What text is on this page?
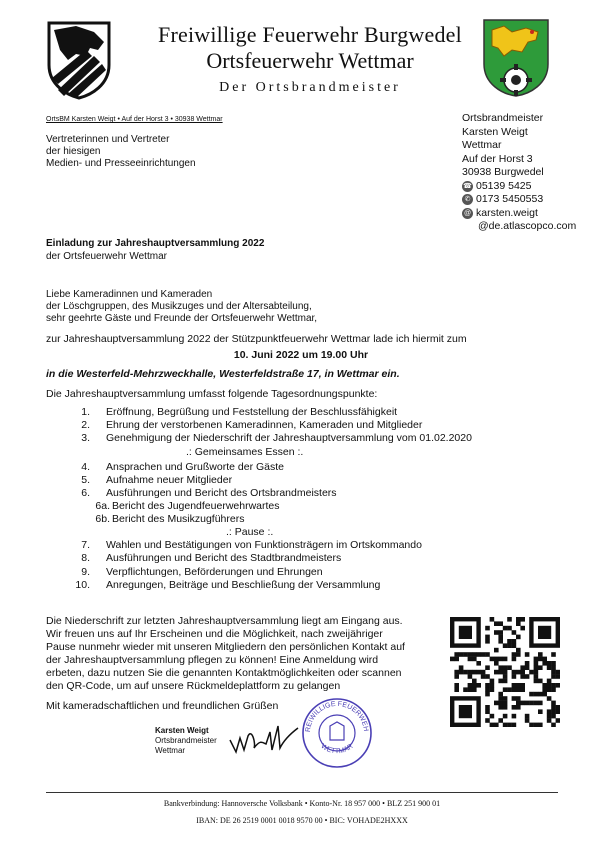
Freiwillige Feuerwehr Burgwedel
Ortsfeuerwehr Wettmar
Der Ortsbrandmeister
OrtsBM Karsten Weigt • Auf der Horst 3 • 30938 Wettmar
Vertreterinnen und Vertreter
der hiesigen
Medien- und Presseeinrichtungen
Ortsbrandmeister
Karsten Weigt
Wettmar
Auf der Horst 3
30938 Burgwedel
☎ 05139 5425
✆ 0173 5450553
@ karsten.weigt
@de.atlascopco.com
Einladung zur Jahreshauptversammlung 2022
der Ortsfeuerwehr Wettmar
Liebe Kameradinnen und Kameraden
der Löschgruppen, des Musikzuges und der Altersabteilung,
sehr geehrte Gäste und Freunde der Ortsfeuerwehr Wettmar,
zur Jahreshauptversammlung 2022 der Stützpunktfeuerwehr Wettmar lade ich hiermit zum
10. Juni 2022 um 19.00 Uhr
in die Westerfeld-Mehrzweckhalle, Westerfeldstraße 17, in Wettmar ein.
Die Jahreshauptversammlung umfasst folgende Tagesordnungspunkte:
1. Eröffnung, Begrüßung und Feststellung der Beschlussfähigkeit
2. Ehrung der verstorbenen Kameradinnen, Kameraden und Mitglieder
3. Genehmigung der Niederschrift der Jahreshauptversammlung vom 01.02.2020
.: Gemeinsames Essen :.
4. Ansprachen und Grußworte der Gäste
5. Aufnahme neuer Mitglieder
6. Ausführungen und Bericht des Ortsbrandmeisters
6a. Bericht des Jugendfeuerwehrwartes
6b. Bericht des Musikzugführers
.: Pause :.
7. Wahlen und Bestätigungen von Funktionsträgern im Ortskommando
8. Ausführungen und Bericht des Stadtbrandmeisters
9. Verpflichtungen, Beförderungen und Ehrungen
10. Anregungen, Beiträge und Beschließung der Versammlung
Die Niederschrift zur letzten Jahreshauptversammlung liegt am Eingang aus.
Wir freuen uns auf Ihr Erscheinen und die Möglichkeit, nach zweijähriger
Pause nunmehr wieder mit unseren Mitgliedern den persönlichen Kontakt auf
der Jahreshauptversammlung pflegen zu können! Eine Anmeldung wird
erbeten, dazu nutzen Sie die genannten Kontaktmöglichkeiten oder scannen
den QR-Code, um auf unsere Rückmeldeplattform zu gelangen
Mit kameradschaftlichen und freundlichen Grüßen
Karsten Weigt
Ortsbrandmeister
Wettmar
REIWILLIGE FEUERWEH
WETTMAR
Bankverbindung: Hannoversche Volksbank • Konto-Nr. 18 957 000 • BLZ 251 900 01
IBAN: DE 26 2519 0001 0018 9570 00 • BIC: VOHADE2HXXX
